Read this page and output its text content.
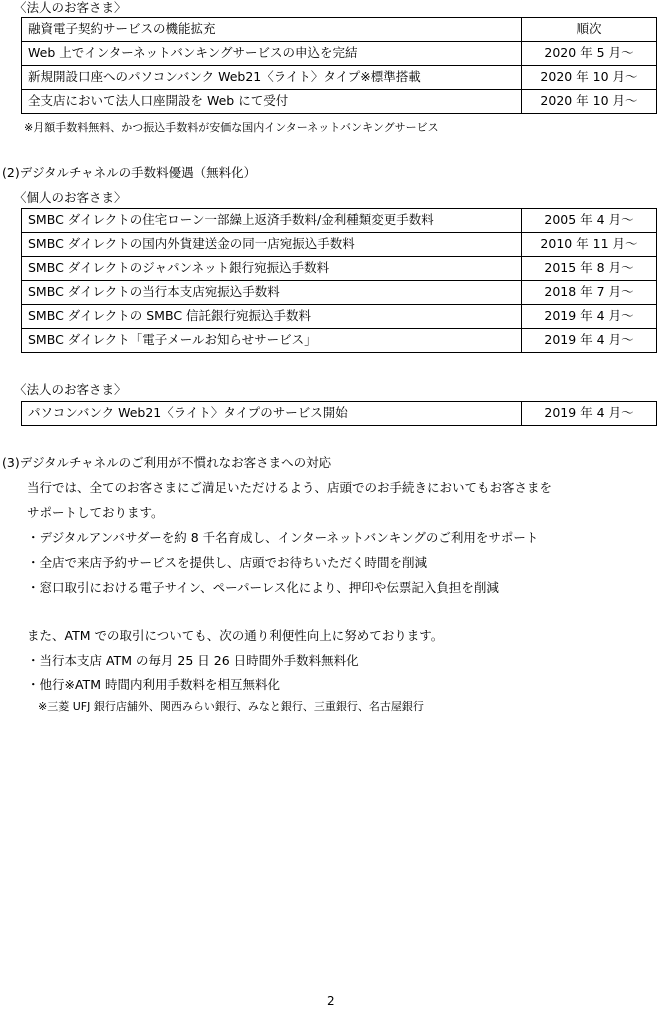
〈法人のお客さま〉
融資電子契約サービスの機能拡充	順次
Web 上でインターネットバンキングサービスの申込を完結	2020 年 5 月～
新規開設口座へのパソコンバンク Web21〈ライト〉タイプ※標準搭載	2020 年 10 月～
全支店において法人口座開設を Web にて受付	2020 年 10 月～
※月額手数料無料、かつ振込手数料が安価な国内インターネットバンキングサービス
(2)デジタルチャネルの手数料優遇（無料化）
〈個人のお客さま〉
SMBC ダイレクトの住宅ローン一部繰上返済手数料/金利種類変更手数料	2005 年 4 月～
SMBC ダイレクトの国内外貨建送金の同一店宛振込手数料	2010 年 11 月～
SMBC ダイレクトのジャパンネット銀行宛振込手数料	2015 年 8 月～
SMBC ダイレクトの当行本支店宛振込手数料	2018 年 7 月～
SMBC ダイレクトの SMBC 信託銀行宛振込手数料	2019 年 4 月～
SMBC ダイレクト「電子メールお知らせサービス」	2019 年 4 月～
〈法人のお客さま〉
パソコンバンク Web21〈ライト〉タイプのサービス開始	2019 年 4 月～
(3)デジタルチャネルのご利用が不慣れなお客さまへの対応
当行では、全てのお客さまにご満足いただけるよう、店頭でのお手続きにおいてもお客さまを
サポートしております。
・デジタルアンバサダーを約 8 千名育成し、インターネットバンキングのご利用をサポート
・全店で来店予約サービスを提供し、店頭でお待ちいただく時間を削減
・窓口取引における電子サイン、ペーパーレス化により、押印や伝票記入負担を削減
また、ATM での取引についても、次の通り利便性向上に努めております。
・当行本支店 ATM の毎月 25 日 26 日時間外手数料無料化
・他行※ATM 時間内利用手数料を相互無料化
※三菱 UFJ 銀行店舗外、関西みらい銀行、みなと銀行、三重銀行、名古屋銀行
2
